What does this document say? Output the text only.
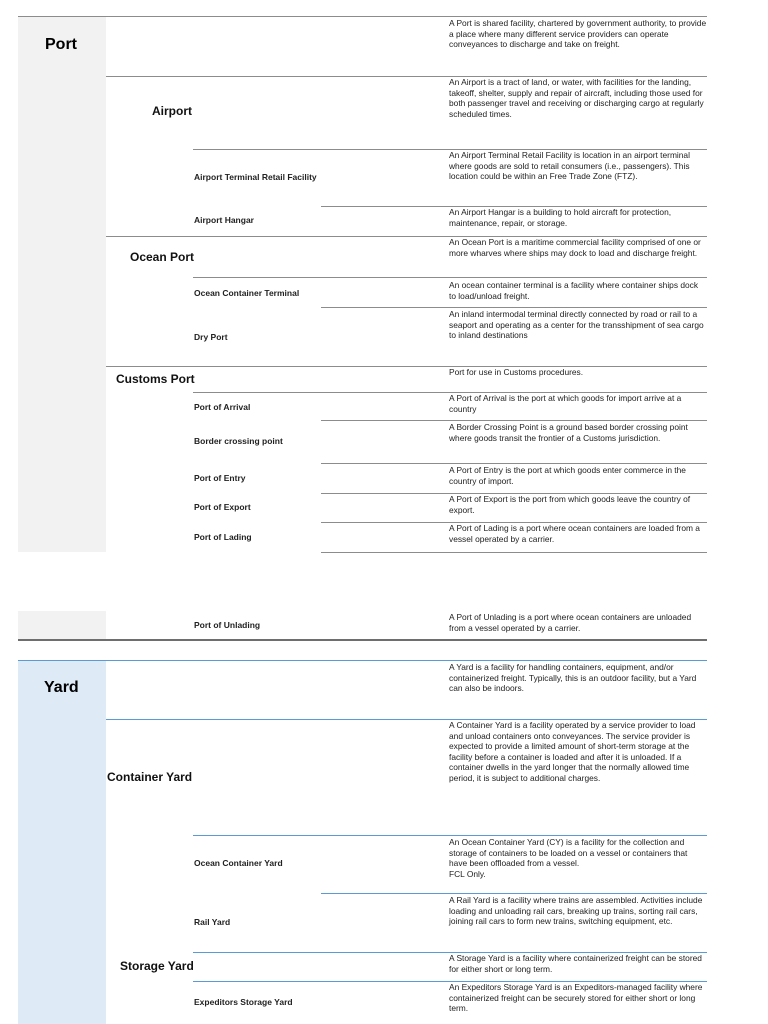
Port
Airport
Airport Terminal Retail Facility
Airport Hangar
Ocean Port
Ocean Container Terminal
Dry Port
Customs Port
Port of Arrival
Border crossing point
Port of Entry
Port of Export
Port of Lading
Port of Unlading
A Port is shared facility, chartered by government authority, to provide a place where many different service providers can operate conveyances to discharge and take on freight.
An Airport is a tract of land, or water, with facilities for the landing, takeoff, shelter, supply and repair of aircraft, including those used for both passenger travel and receiving or discharging cargo at regularly scheduled times.
An Airport Terminal Retail Facility is location in an airport terminal where goods are sold to retail consumers (i.e., passengers). This location could be within an Free Trade Zone (FTZ).
An Airport Hangar is a building to hold aircraft for protection, maintenance, repair, or storage.
An Ocean Port is a maritime commercial facility comprised of one or more wharves where ships may dock to load and discharge freight.
An ocean container terminal is a facility where container ships dock to load/unload freight.
An inland intermodal terminal directly connected by road or rail to a seaport and operating as a center for the transshipment of sea cargo to inland destinations
Port for use in Customs procedures.
A Port of Arrival is the port at which goods for import arrive at a country
A Border Crossing Point is a ground based border crossing point where goods transit the frontier of a Customs jurisdiction.
A Port of Entry is the port at which goods enter commerce in the country of import.
A Port of Export is the port from which goods leave the country of export.
A Port of Lading is a port where ocean containers are loaded from a vessel operated by a carrier.
A Port of Unlading is a port where ocean containers are unloaded from a vessel operated by a carrier.
Yard
Container Yard
Ocean Container Yard
Rail Yard
Storage Yard
Expeditors Storage Yard
A Yard is a facility for handling containers, equipment, and/or containerized freight. Typically, this is an outdoor facility, but a Yard can also be indoors.
A Container Yard is a facility operated by a service provider to load and unload containers onto conveyances. The service provider is expected to provide a limited amount of short-term storage at the facility before a container is loaded and after it is unloaded. If a container dwells in the yard longer that the normally allowed time period, it is subject to additional charges.
An Ocean Container Yard (CY) is a facility for the collection and storage of containers to be loaded on a vessel or containers that have been offloaded from a vessel.
FCL Only.
A Rail Yard is a facility where trains are assembled. Activities include loading and unloading rail cars, breaking up trains, sorting rail cars, joining rail cars to form new trains, switching equipment, etc.
A Storage Yard is a facility where containerized freight can be stored for either short or long term.
An Expeditors Storage Yard is an Expeditors-managed facility where containerized freight can be securely stored for either short or long term.
